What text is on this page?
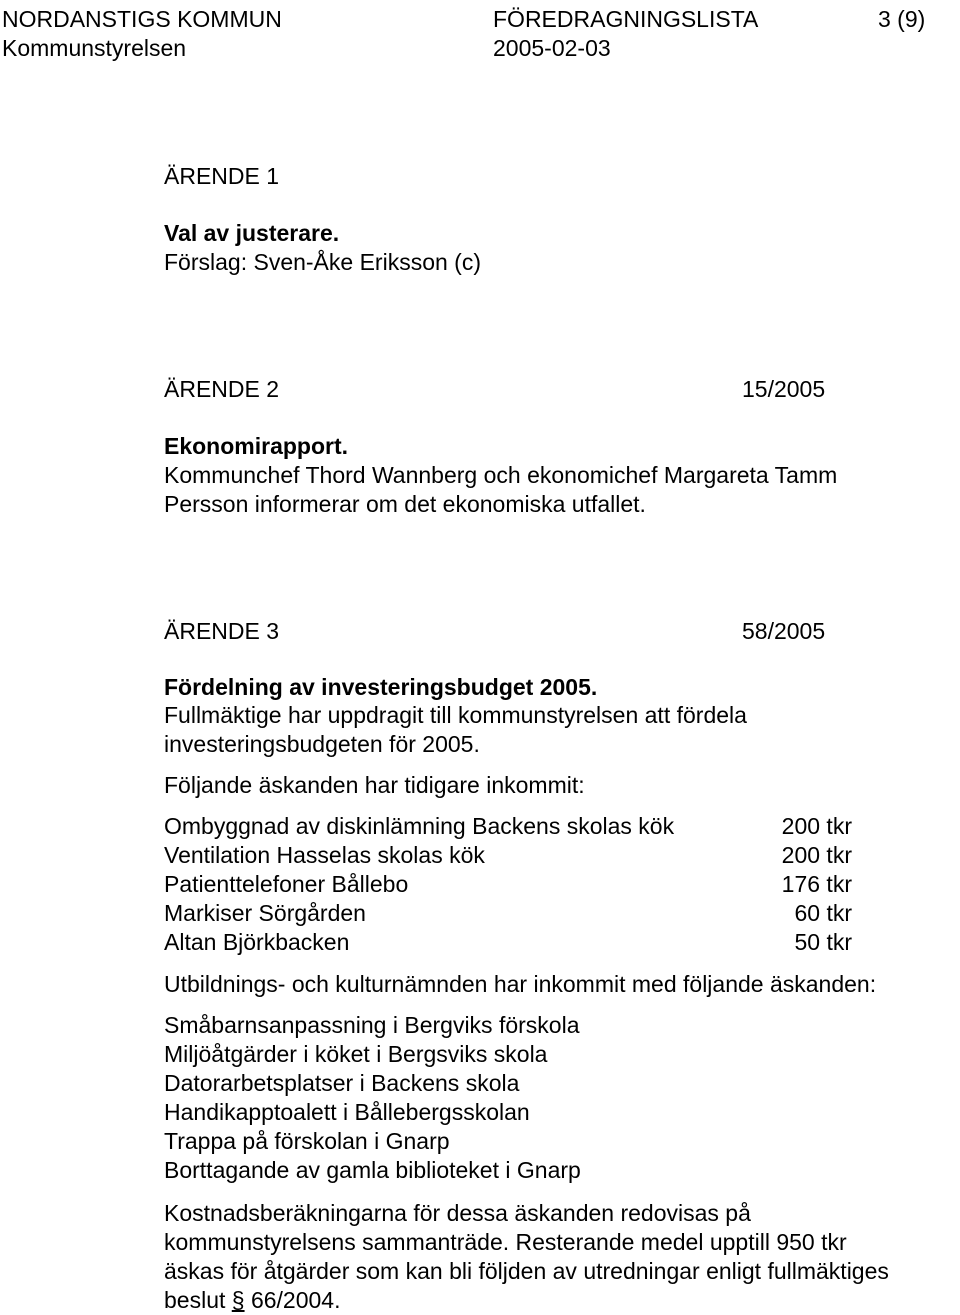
NORDANSTIGS KOMMUN	FÖREDRAGNINGSLISTA	3 (9)
Kommunstyrelsen	2005-02-03
ÄRENDE 1
Val av justerare.
Förslag: Sven-Åke Eriksson (c)
ÄRENDE 2	15/2005
Ekonomirapport.
Kommunchef Thord Wannberg och ekonomichef Margareta Tamm
Persson informerar om det ekonomiska utfallet.
ÄRENDE 3	58/2005
Fördelning av investeringsbudget 2005.
Fullmäktige har uppdragit till kommunstyrelsen att fördela
investeringsbudgeten för 2005.
Följande äskanden har tidigare inkommit:
Ombyggnad av diskinlämning Backens skolas kök	200 tkr
Ventilation Hasselas skolas kök	200 tkr
Patienttelefoner Bållebo	176 tkr
Markiser Sörgården	60 tkr
Altan Björkbacken	50 tkr
Utbildnings- och kulturnämnden har inkommit med följande äskanden:
Småbarnsanpassning i Bergviks förskola
Miljöåtgärder i köket i Bergsviks skola
Datorarbetsplatser i Backens skola
Handikapptoalett i Bållebergsskolan
Trappa på förskolan i Gnarp
Borttagande av gamla biblioteket i Gnarp
Kostnadsberäkningarna för dessa äskanden redovisas på
kommunstyrelsens sammanträde. Resterande medel upptill 950 tkr
äskas för åtgärder som kan bli följden av utredningar enligt fullmäktiges
beslut § 66/2004.
